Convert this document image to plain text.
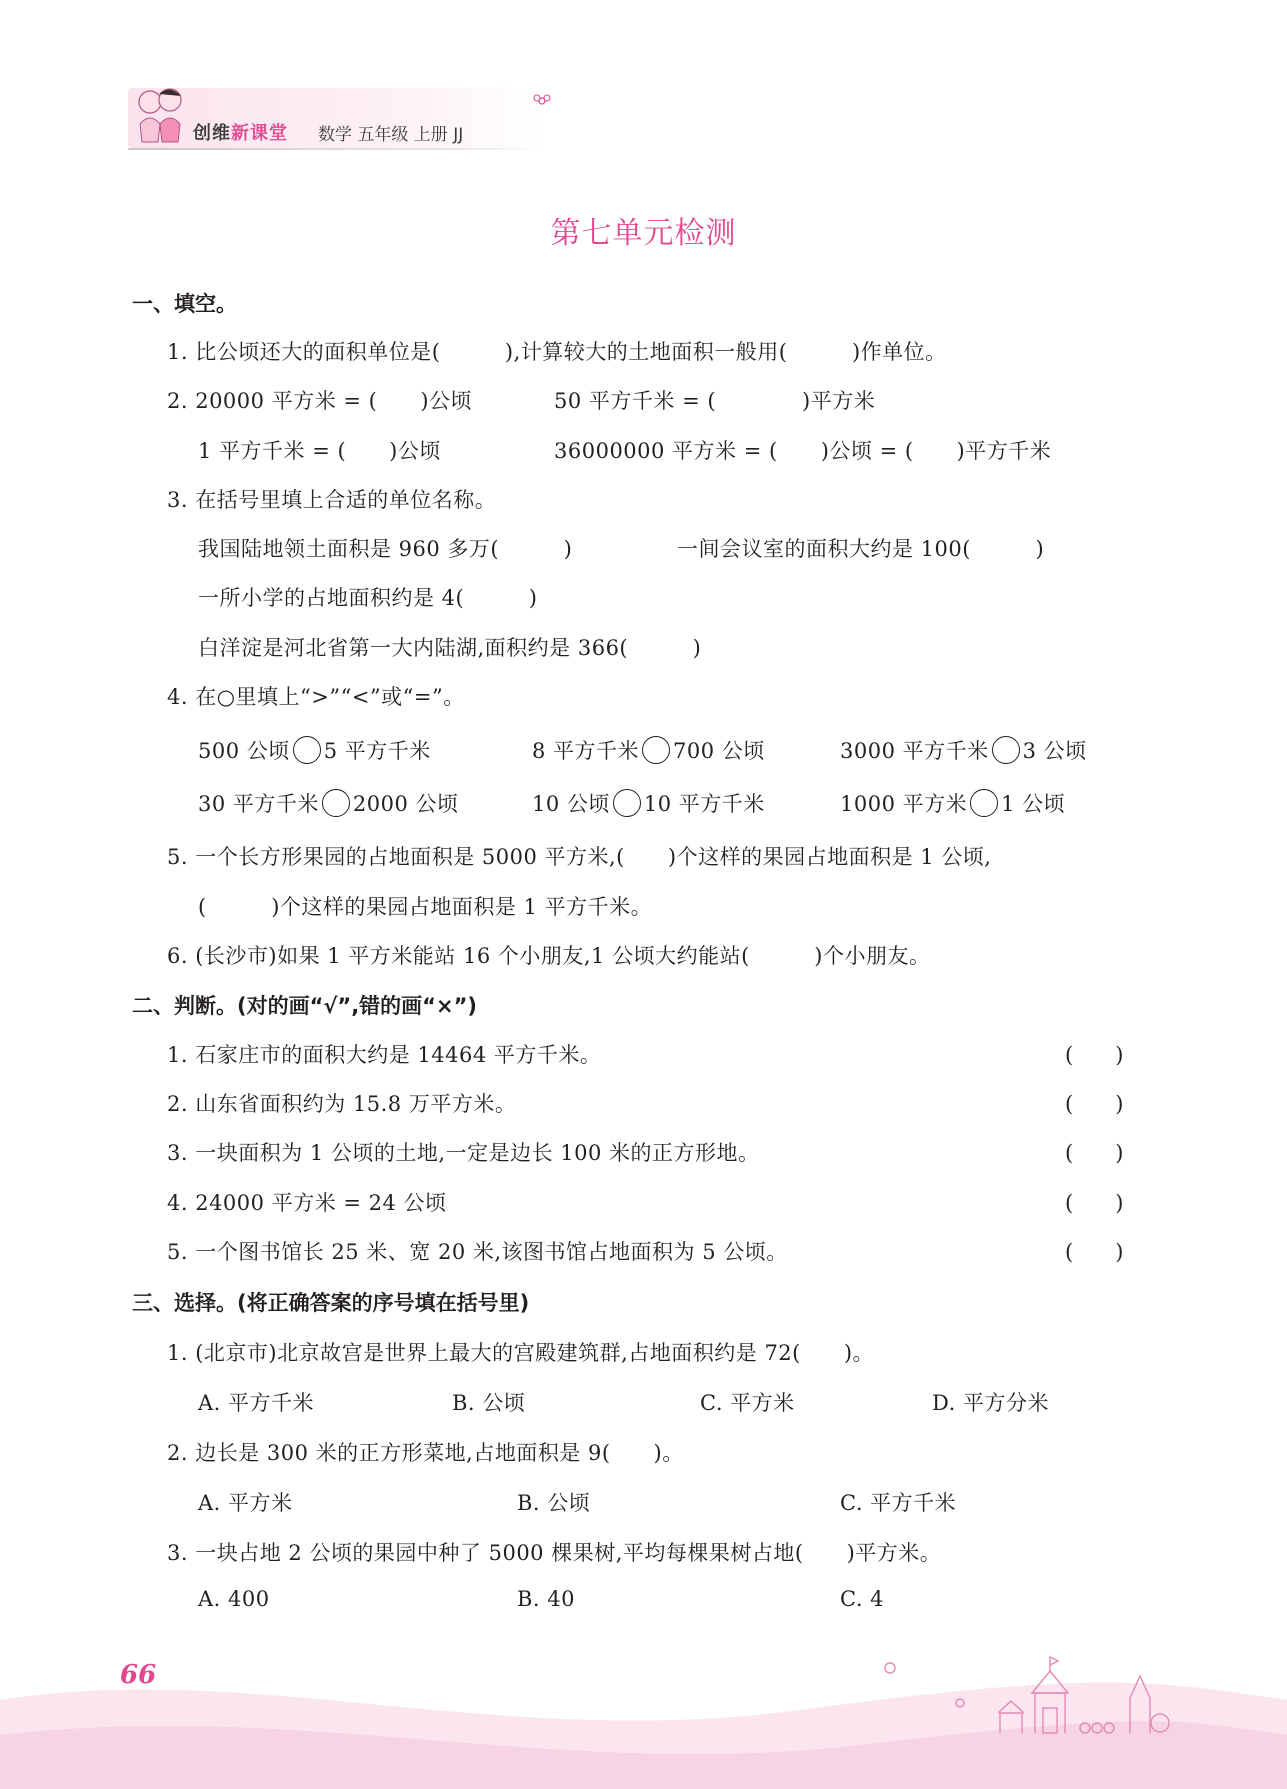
创维新课堂 数学 五年级 上册 JJ
第七单元检测
一、填空。
1. 比公顷还大的面积单位是(　　　),计算较大的土地面积一般用(　　　)作单位。
2. 20000 平方米 = (　　)公顷	50 平方千米 = (　　　　)平方米
1 平方千米 = (　　)公顷	36000000 平方米 = (　　)公顷 = (　　)平方千米
3. 在括号里填上合适的单位名称。
我国陆地领土面积是 960 多万(　　　)	一间会议室的面积大约是 100(　　　)
一所小学的占地面积约是 4(　　　)
白洋淀是河北省第一大内陆湖,面积约是 366(　　　)
4. 在○里填上“>”“<”或“=”。
500 公顷 5 平方千米	8 平方千米 700 公顷	3000 平方千米 3 公顷
30 平方千米 2000 公顷	10 公顷 10 平方千米	1000 平方米 1 公顷
5. 一个长方形果园的占地面积是 5000 平方米,(　　)个这样的果园占地面积是 1 公顷,
(　　　)个这样的果园占地面积是 1 平方千米。
6. (长沙市)如果 1 平方米能站 16 个小朋友,1 公顷大约能站(　　　)个小朋友。
二、判断。(对的画“√”,错的画“×”)
1. 石家庄市的面积大约是 14464 平方千米。	(　　)
2. 山东省面积约为 15.8 万平方米。	(　　)
3. 一块面积为 1 公顷的土地,一定是边长 100 米的正方形地。	(　　)
4. 24000 平方米 = 24 公顷	(　　)
5. 一个图书馆长 25 米、宽 20 米,该图书馆占地面积为 5 公顷。	(　　)
三、选择。(将正确答案的序号填在括号里)
1. (北京市)北京故宫是世界上最大的宫殿建筑群,占地面积约是 72(　　)。
A. 平方千米	B. 公顷	C. 平方米	D. 平方分米
2. 边长是 300 米的正方形菜地,占地面积是 9(　　)。
A. 平方米	B. 公顷	C. 平方千米
3. 一块占地 2 公顷的果园中种了 5000 棵果树,平均每棵果树占地(　　)平方米。
A. 400	B. 40	C. 4
66
